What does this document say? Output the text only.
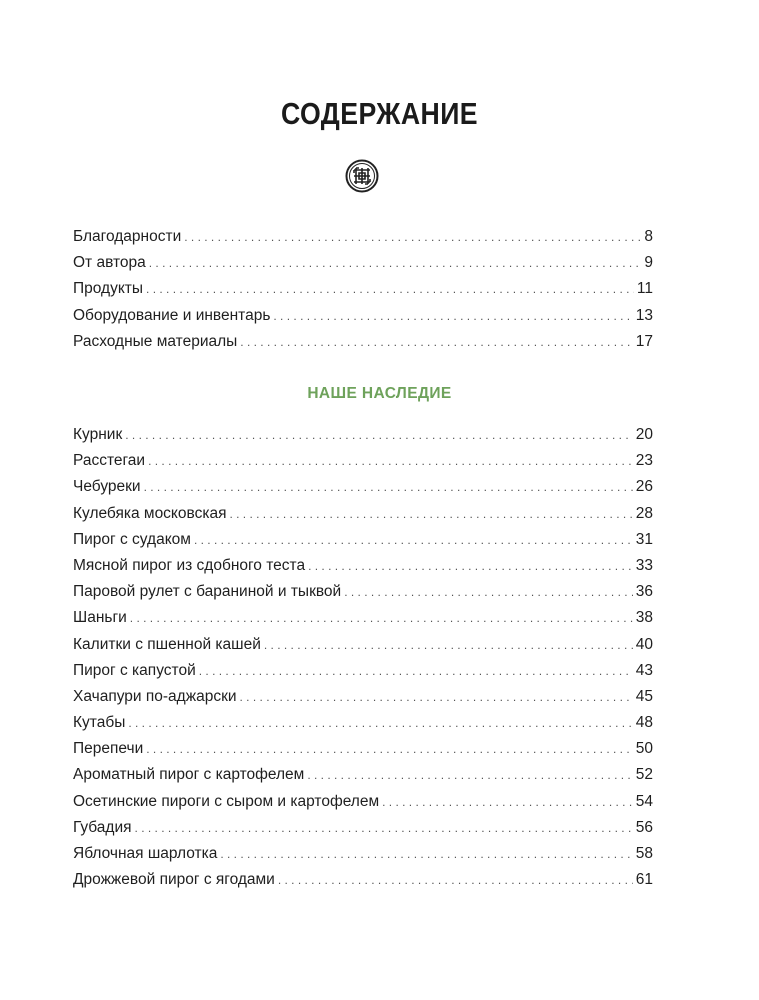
СОДЕРЖАНИЕ
Благодарности . . .	8
От автора . . .	9
Продукты . . .	11
Оборудование и инвентарь . . .	13
Расходные материалы . . .	17
НАШЕ НАСЛЕДИЕ
Курник . . .	20
Расстегаи . . .	23
Чебуреки . . .	26
Кулебяка московская . . .	28
Пирог с судаком . . .	31
Мясной пирог из сдобного теста . . .	33
Паровой рулет с бараниной и тыквой . . .	36
Шаньги . . .	38
Калитки с пшенной кашей . . .	40
Пирог с капустой . . .	43
Хачапури по-аджарски . . .	45
Кутабы . . .	48
Перепечи . . .	50
Ароматный пирог с картофелем . . .	52
Осетинские пироги с сыром и картофелем . . .	54
Губадия . . .	56
Яблочная шарлотка . . .	58
Дрожжевой пирог с ягодами . . .	61
